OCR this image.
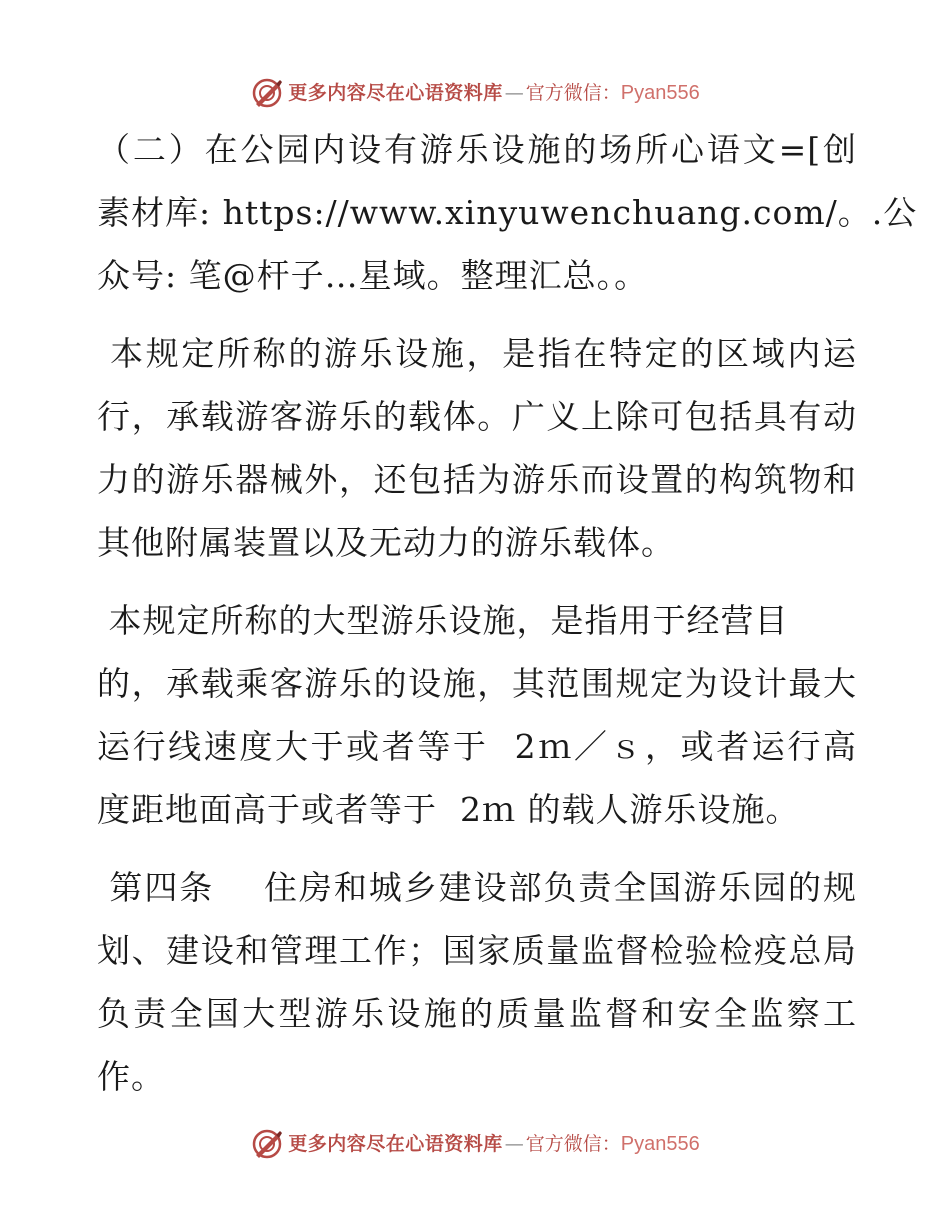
更多内容尽在心语资料库 — 官方微信： Pyan556
（二）在公园内设有游乐设施的场所心语文=[创
素材库: https://www.xinyuwenchuang.com/。.公
众号: 笔@杆子…星域。整理汇总。。
本规定所称的游乐设施，是指在特定的区域内运
行，承载游客游乐的载体。广义上除可包括具有动
力的游乐器械外，还包括为游乐而设置的构筑物和
其他附属装置以及无动力的游乐载体。
本规定所称的大型游乐设施，是指用于经营目
的，承载乘客游乐的设施，其范围规定为设计最大
运行线速度大于或者等于  2ｍ／ｓ，或者运行高
度距地面高于或者等于  2ｍ 的载人游乐设施。
第四条    住房和城乡建设部负责全国游乐园的规
划、建设和管理工作；国家质量监督检验检疫总局
负责全国大型游乐设施的质量监督和安全监察工
作。
更多内容尽在心语资料库 — 官方微信： Pyan556
